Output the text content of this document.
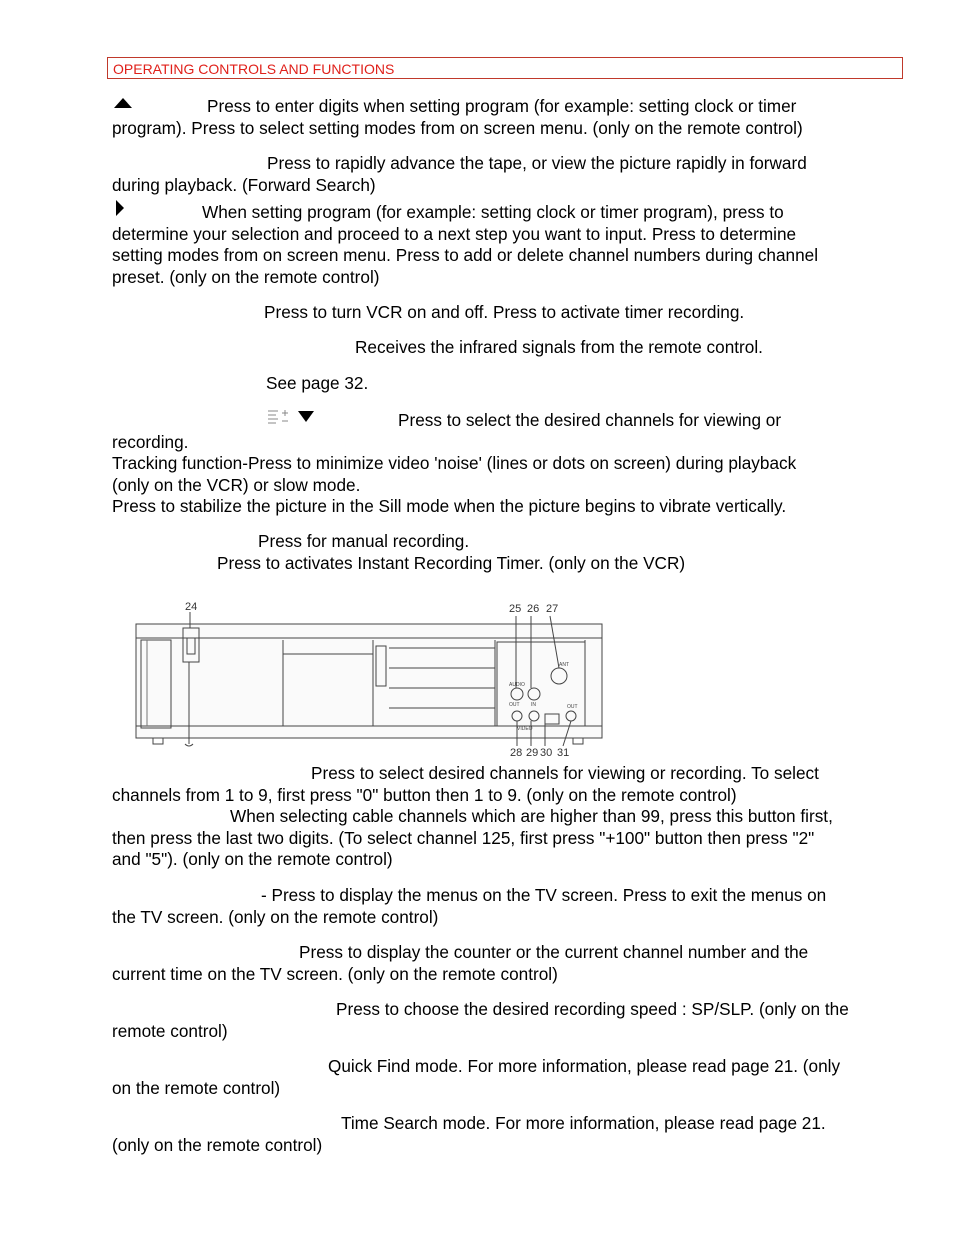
OPERATING CONTROLS AND FUNCTIONS

Press to enter digits when setting program (for example: setting clock or timer
program). Press to select setting modes from on screen menu. (only on the remote control)

Press to rapidly advance the tape, or view the picture rapidly in forward
during playback. (Forward Search)

When setting program (for example: setting clock or timer program), press to
determine your selection and proceed to a next step you want to input. Press to determine
setting modes from on screen menu. Press to add or delete channel numbers during channel
preset. (only on the remote control)

Press to turn VCR on and off. Press to activate timer recording.

Receives the infrared signals from the remote control.

See page 32.

Press to select the desired channels for viewing or
recording.
Tracking function-Press to minimize video 'noise' (lines or dots on screen) during playback
(only on the VCR) or slow mode.
Press to stabilize the picture in the Sill mode when the picture begins to vibrate vertically.

Press for manual recording.
Press to activates Instant Recording Timer. (only on the VCR)

24	25 26 27
28 29 30 31
AUDIO
VIDEO
IN
OUT
ANT
OUT

Press to select desired channels for viewing or recording. To select
channels from 1 to 9, first press "0" button then 1 to 9. (only on the remote control)
When selecting cable channels which are higher than 99, press this button first,
then press the last two digits. (To select channel 125, first press "+100" button then press "2"
and "5"). (only on the remote control)

- Press to display the menus on the TV screen. Press to exit the menus on
the TV screen. (only on the remote control)

Press to display the counter or the current channel number and the
current time on the TV screen. (only on the remote control)

Press to choose the desired recording speed : SP/SLP. (only on the
remote control)

Quick Find mode. For more information, please read page 21. (only
on the remote control)

Time Search mode. For more information, please read page 21.
(only on the remote control)
